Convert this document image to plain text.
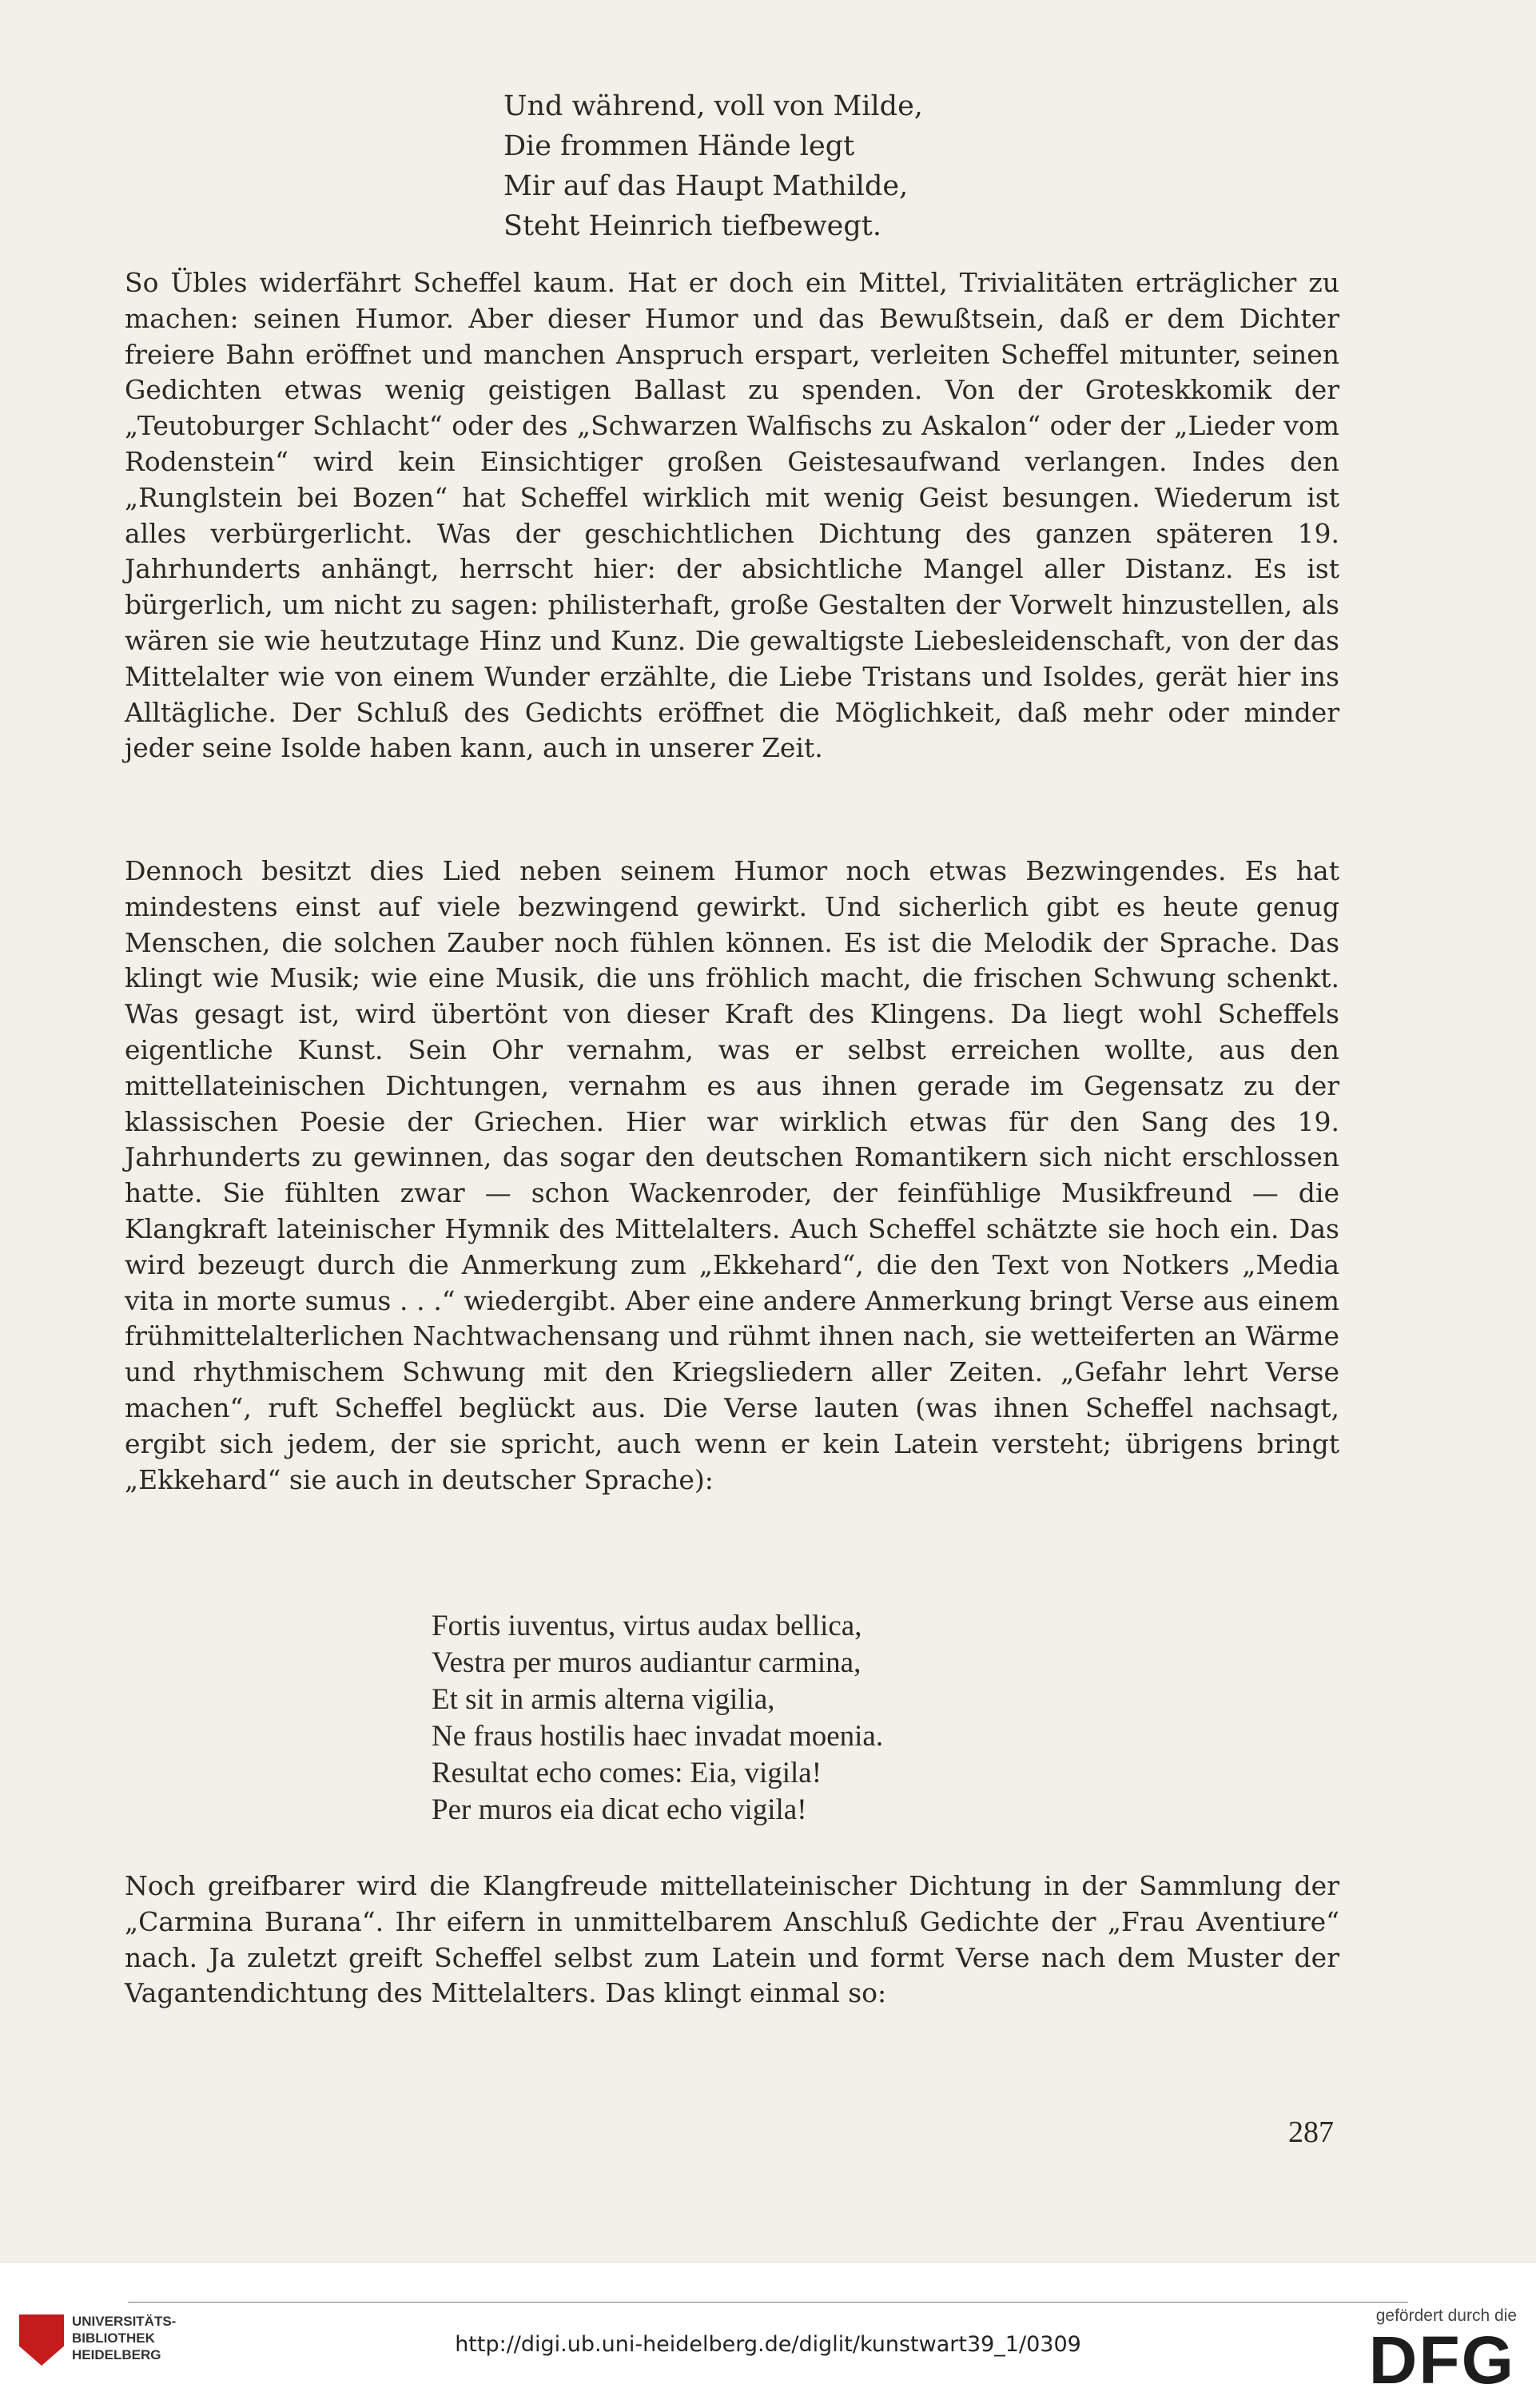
Und während, voll von Milde,
Die frommen Hände legt
Mir auf das Haupt Mathilde,
Steht Heinrich tiefbewegt.

So Übles widerfährt Scheffel kaum. Hat er doch ein Mittel, Trivialitäten erträglicher zu machen: seinen Humor. Aber dieser Humor und das Bewußtsein, daß er dem Dichter freiere Bahn eröffnet und manchen Anspruch erspart, verleiten Scheffel mitunter, seinen Gedichten etwas wenig geistigen Ballast zu spenden. Von der Groteskkomik der „Teutoburger Schlacht“ oder des „Schwarzen Walfischs zu Askalon“ oder der „Lieder vom Rodenstein“ wird kein Einsichtiger großen Geistesaufwand verlangen. Indes den „Runglstein bei Bozen“ hat Scheffel wirklich mit wenig Geist besungen. Wiederum ist alles verbürgerlicht. Was der geschichtlichen Dichtung des ganzen späteren 19. Jahrhunderts anhängt, herrscht hier: der absichtliche Mangel aller Distanz. Es ist bürgerlich, um nicht zu sagen: philisterhaft, große Gestalten der Vorwelt hinzustellen, als wären sie wie heutzutage Hinz und Kunz. Die gewaltigste Liebesleidenschaft, von der das Mittelalter wie von einem Wunder erzählte, die Liebe Tristans und Isoldes, gerät hier ins Alltägliche. Der Schluß des Gedichts eröffnet die Möglichkeit, daß mehr oder minder jeder seine Isolde haben kann, auch in unserer Zeit.

Dennoch besitzt dies Lied neben seinem Humor noch etwas Bezwingendes. Es hat mindestens einst auf viele bezwingend gewirkt. Und sicherlich gibt es heute genug Menschen, die solchen Zauber noch fühlen können. Es ist die Melodik der Sprache. Das klingt wie Musik; wie eine Musik, die uns fröhlich macht, die frischen Schwung schenkt. Was gesagt ist, wird übertönt von dieser Kraft des Klingens. Da liegt wohl Scheffels eigentliche Kunst. Sein Ohr vernahm, was er selbst erreichen wollte, aus den mittellateinischen Dichtungen, vernahm es aus ihnen gerade im Gegensatz zu der klassischen Poesie der Griechen. Hier war wirklich etwas für den Sang des 19. Jahrhunderts zu gewinnen, das sogar den deutschen Romantikern sich nicht erschlossen hatte. Sie fühlten zwar — schon Wackenroder, der feinfühlige Musikfreund — die Klangkraft lateinischer Hymnik des Mittelalters. Auch Scheffel schätzte sie hoch ein. Das wird bezeugt durch die Anmerkung zum „Ekkehard“, die den Text von Notkers „Media vita in morte sumus . . .“ wiedergibt. Aber eine andere Anmerkung bringt Verse aus einem frühmittelalterlichen Nachtwachensang und rühmt ihnen nach, sie wetteiferten an Wärme und rhythmischem Schwung mit den Kriegsliedern aller Zeiten. „Gefahr lehrt Verse machen“, ruft Scheffel beglückt aus. Die Verse lauten (was ihnen Scheffel nachsagt, ergibt sich jedem, der sie spricht, auch wenn er kein Latein versteht; übrigens bringt „Ekkehard“ sie auch in deutscher Sprache):

Fortis iuventus, virtus audax bellica,
Vestra per muros audiantur carmina,
Et sit in armis alterna vigilia,
Ne fraus hostilis haec invadat moenia.
Resultat echo comes: Eia, vigila!
Per muros eia dicat echo vigila!

Noch greifbarer wird die Klangfreude mittellateinischer Dichtung in der Sammlung der „Carmina Burana“. Ihr eifern in unmittelbarem Anschluß Gedichte der „Frau Aventiure“ nach. Ja zuletzt greift Scheffel selbst zum Latein und formt Verse nach dem Muster der Vagantendichtung des Mittelalters. Das klingt einmal so:

287
UNIVERSITÄTS-
BIBLIOTHEK
HEIDELBERG	http://digi.ub.uni-heidelberg.de/diglit/kunstwart39_1/0309
gefördert durch die
DFG
